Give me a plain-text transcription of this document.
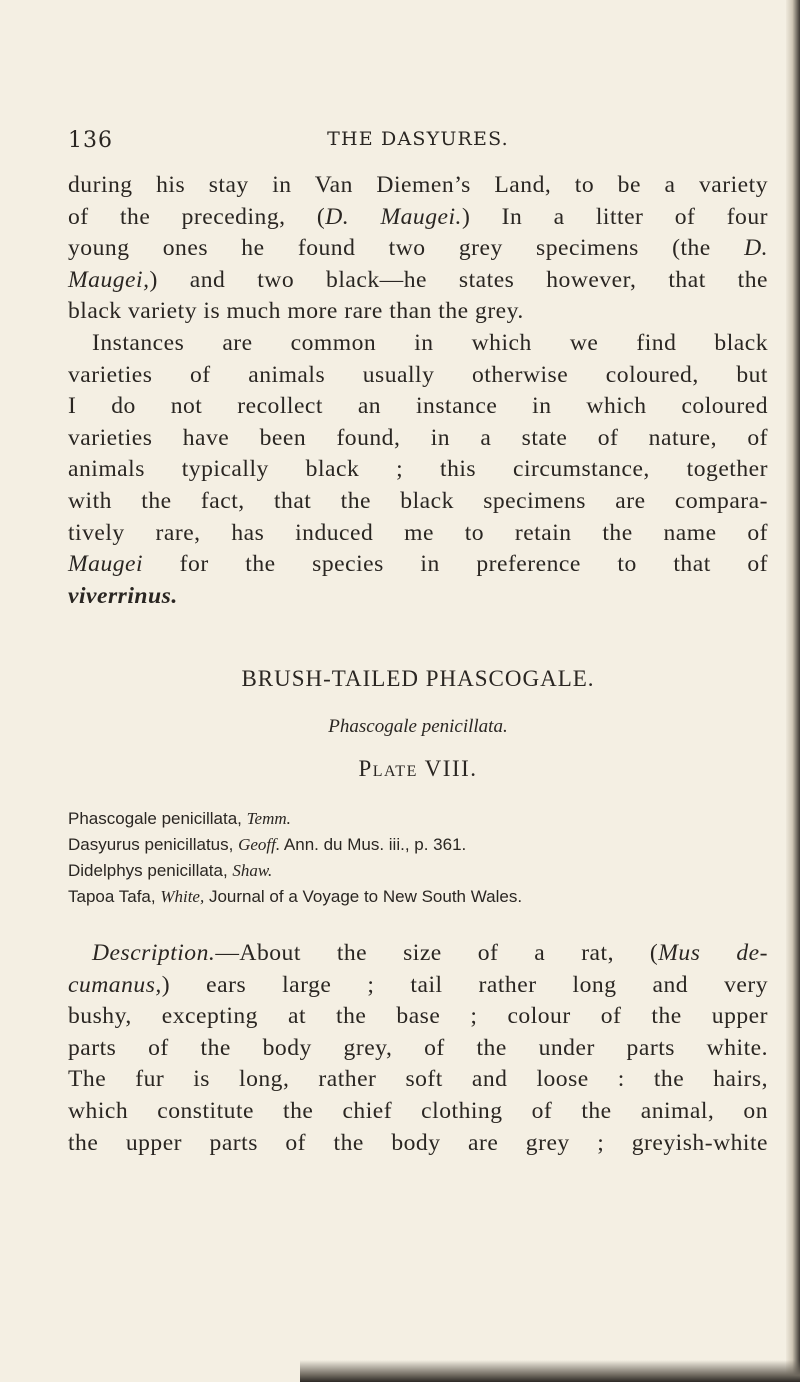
136	THE DASYURES.
during his stay in Van Diemen’s Land, to be a variety
of the preceding, (D. Maugei.) In a litter of four
young ones he found two grey specimens (the D.
Maugei,) and two black—he states however, that the
black variety is much more rare than the grey.
Instances are common in which we find black
varieties of animals usually otherwise coloured, but
I do not recollect an instance in which coloured
varieties have been found, in a state of nature, of
animals typically black ; this circumstance, together
with the fact, that the black specimens are compara-
tively rare, has induced me to retain the name of
Maugei for the species in preference to that of
viverrinus.
BRUSH-TAILED PHASCOGALE.
Phascogale penicillata.
Plate VIII.
Phascogale penicillata, Temm.
Dasyurus penicillatus, Geoff. Ann. du Mus. iii., p. 361.
Didelphys penicillata, Shaw.
Tapoa Tafa, White, Journal of a Voyage to New South Wales.
Description.—About the size of a rat, (Mus de-
cumanus,) ears large ; tail rather long and very
bushy, excepting at the base ; colour of the upper
parts of the body grey, of the under parts white.
The fur is long, rather soft and loose : the hairs,
which constitute the chief clothing of the animal, on
the upper parts of the body are grey ; greyish-white
